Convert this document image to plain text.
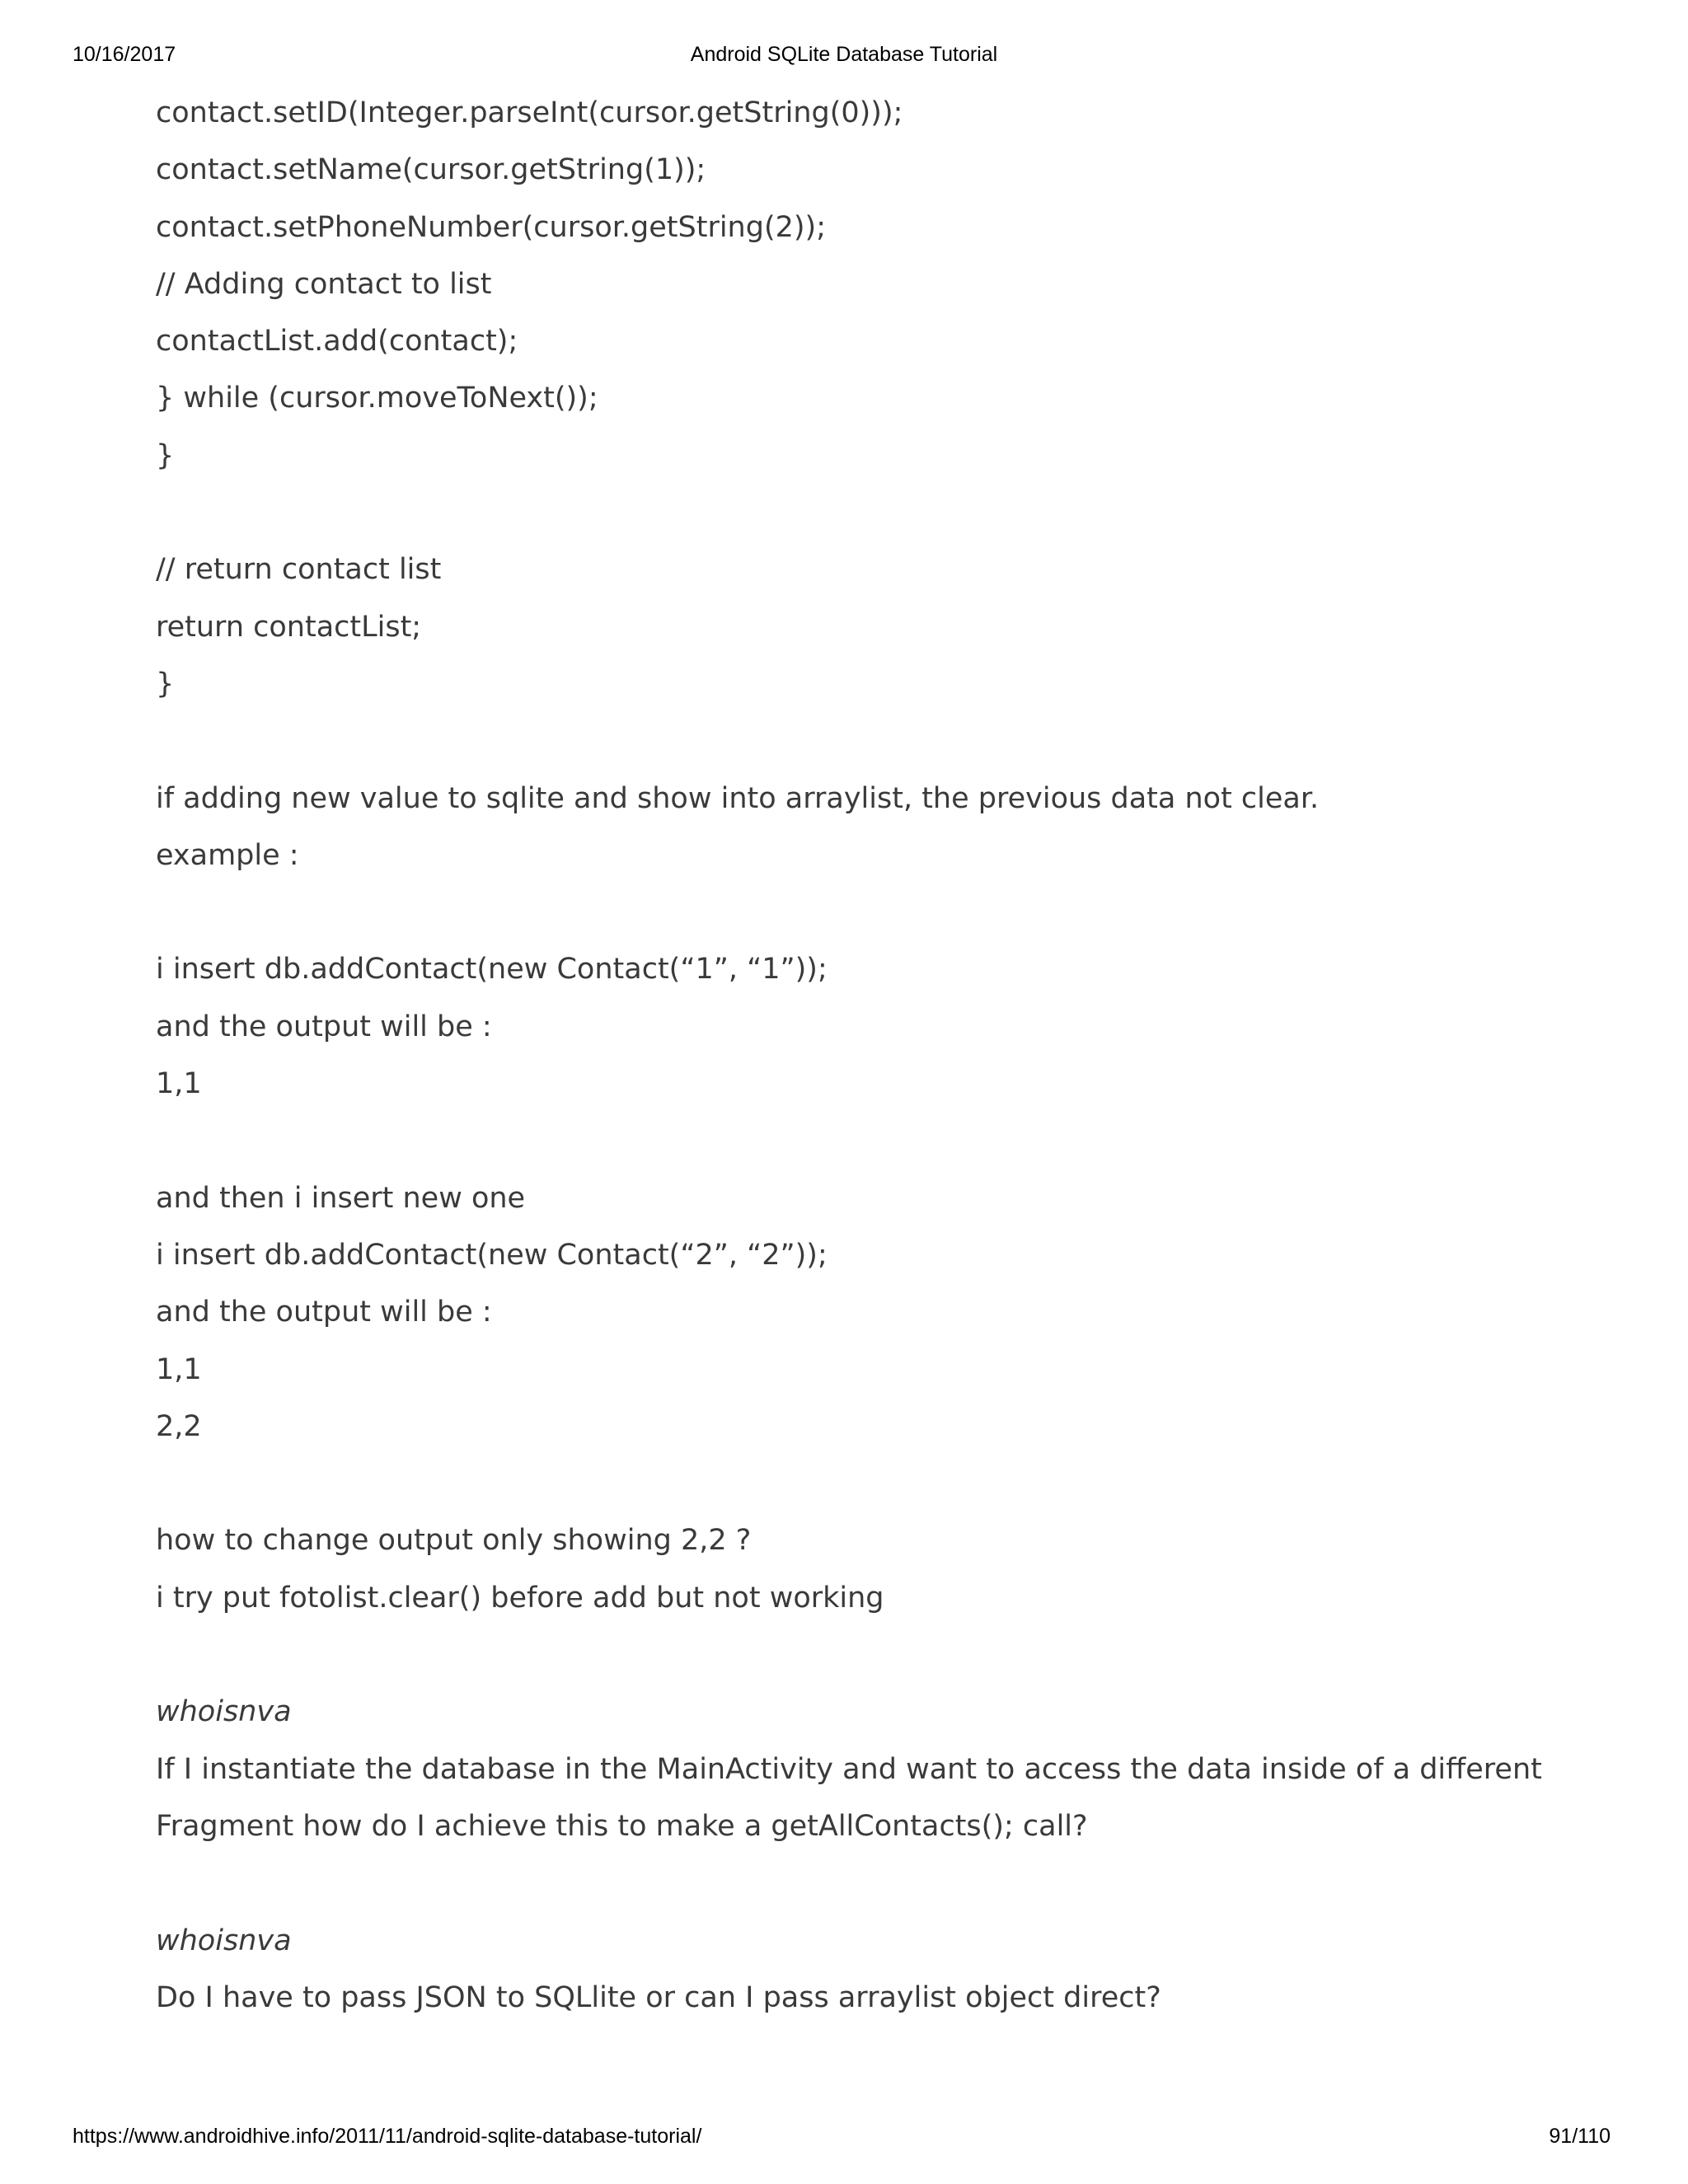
10/16/2017	Android SQLite Database Tutorial
contact.setID(Integer.parseInt(cursor.getString(0)));
contact.setName(cursor.getString(1));
contact.setPhoneNumber(cursor.getString(2));
// Adding contact to list
contactList.add(contact);
} while (cursor.moveToNext());
}
// return contact list
return contactList;
}
if adding new value to sqlite and show into arraylist, the previous data not clear.
example :
i insert db.addContact(new Contact(“1”, “1”));
and the output will be :
1,1
and then i insert new one
i insert db.addContact(new Contact(“2”, “2”));
and the output will be :
1,1
2,2
how to change output only showing 2,2 ?
i try put fotolist.clear() before add but not working
whoisnva
If I instantiate the database in the MainActivity and want to access the data inside of a different
Fragment how do I achieve this to make a getAllContacts(); call?
whoisnva
Do I have to pass JSON to SQLlite or can I pass arraylist object direct?
https://www.androidhive.info/2011/11/android-sqlite-database-tutorial/	91/110
